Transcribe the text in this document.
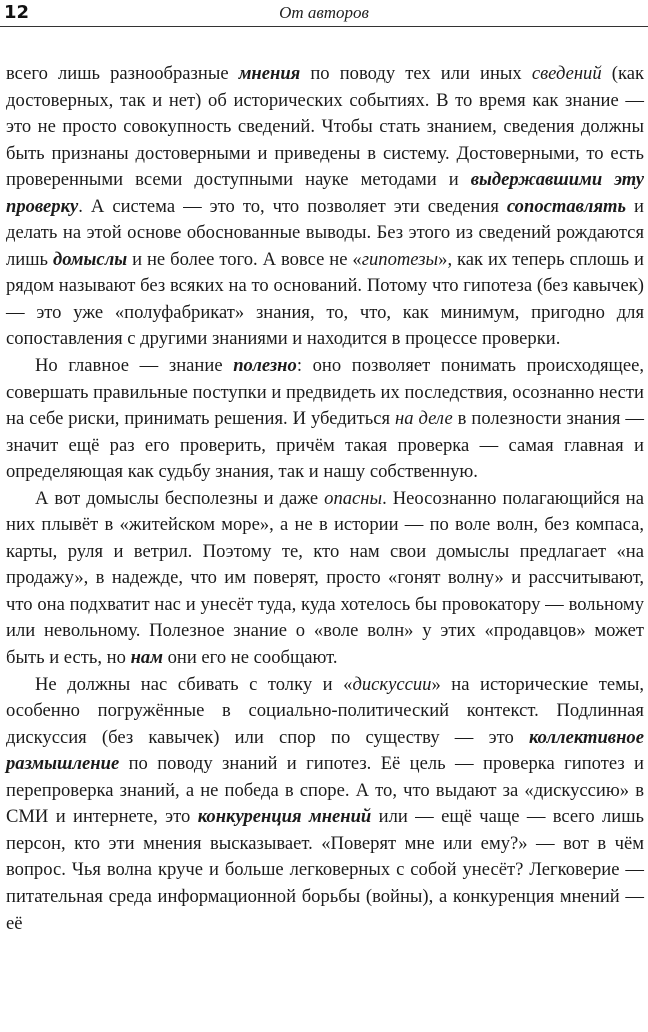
12	От авторов

всего лишь разнообразные мнения по поводу тех или иных сведений (как достоверных, так и нет) об исторических событиях. В то время как знание — это не просто совокупность сведений. Чтобы стать знанием, сведения должны быть признаны достоверными и приведены в систему. Достоверными, то есть проверенными всеми доступными науке методами и выдержавшими эту проверку. А система — это то, что позволяет эти сведения сопоставлять и делать на этой основе обоснованные выводы. Без этого из сведений рождаются лишь домыслы и не более того. А вовсе не «гипотезы», как их теперь сплошь и рядом называют без всяких на то оснований. Потому что гипотеза (без кавычек) — это уже «полуфабрикат» знания, то, что, как минимум, пригодно для сопоставления с другими знаниями и находится в процессе проверки.

Но главное — знание полезно: оно позволяет понимать происходящее, совершать правильные поступки и предвидеть их последствия, осознанно нести на себе риски, принимать решения. И убедиться на деле в полезности знания — значит ещё раз его проверить, причём такая проверка — самая главная и определяющая как судьбу знания, так и нашу собственную.

А вот домыслы бесполезны и даже опасны. Неосознанно полагающийся на них плывёт в «житейском море», а не в истории — по воле волн, без компаса, карты, руля и ветрил. Поэтому те, кто нам свои домыслы предлагает «на продажу», в надежде, что им поверят, просто «гонят волну» и рассчитывают, что она подхватит нас и унесёт туда, куда хотелось бы провокатору — вольному или невольному. Полезное знание о «воле волн» у этих «продавцов» может быть и есть, но нам они его не сообщают.

Не должны нас сбивать с толку и «дискуссии» на исторические темы, особенно погружённые в социально-политический контекст. Подлинная дискуссия (без кавычек) или спор по существу — это коллективное размышление по поводу знаний и гипотез. Её цель — проверка гипотез и перепроверка знаний, а не победа в споре. А то, что выдают за «дискуссию» в СМИ и интернете, это конкуренция мнений или — ещё чаще — всего лишь персон, кто эти мнения высказывает. «Поверят мне или ему?» — вот в чём вопрос. Чья волна круче и больше легковерных с собой унесёт? Легковерие — питательная среда информационной борьбы (войны), а конкуренция мнений — её
